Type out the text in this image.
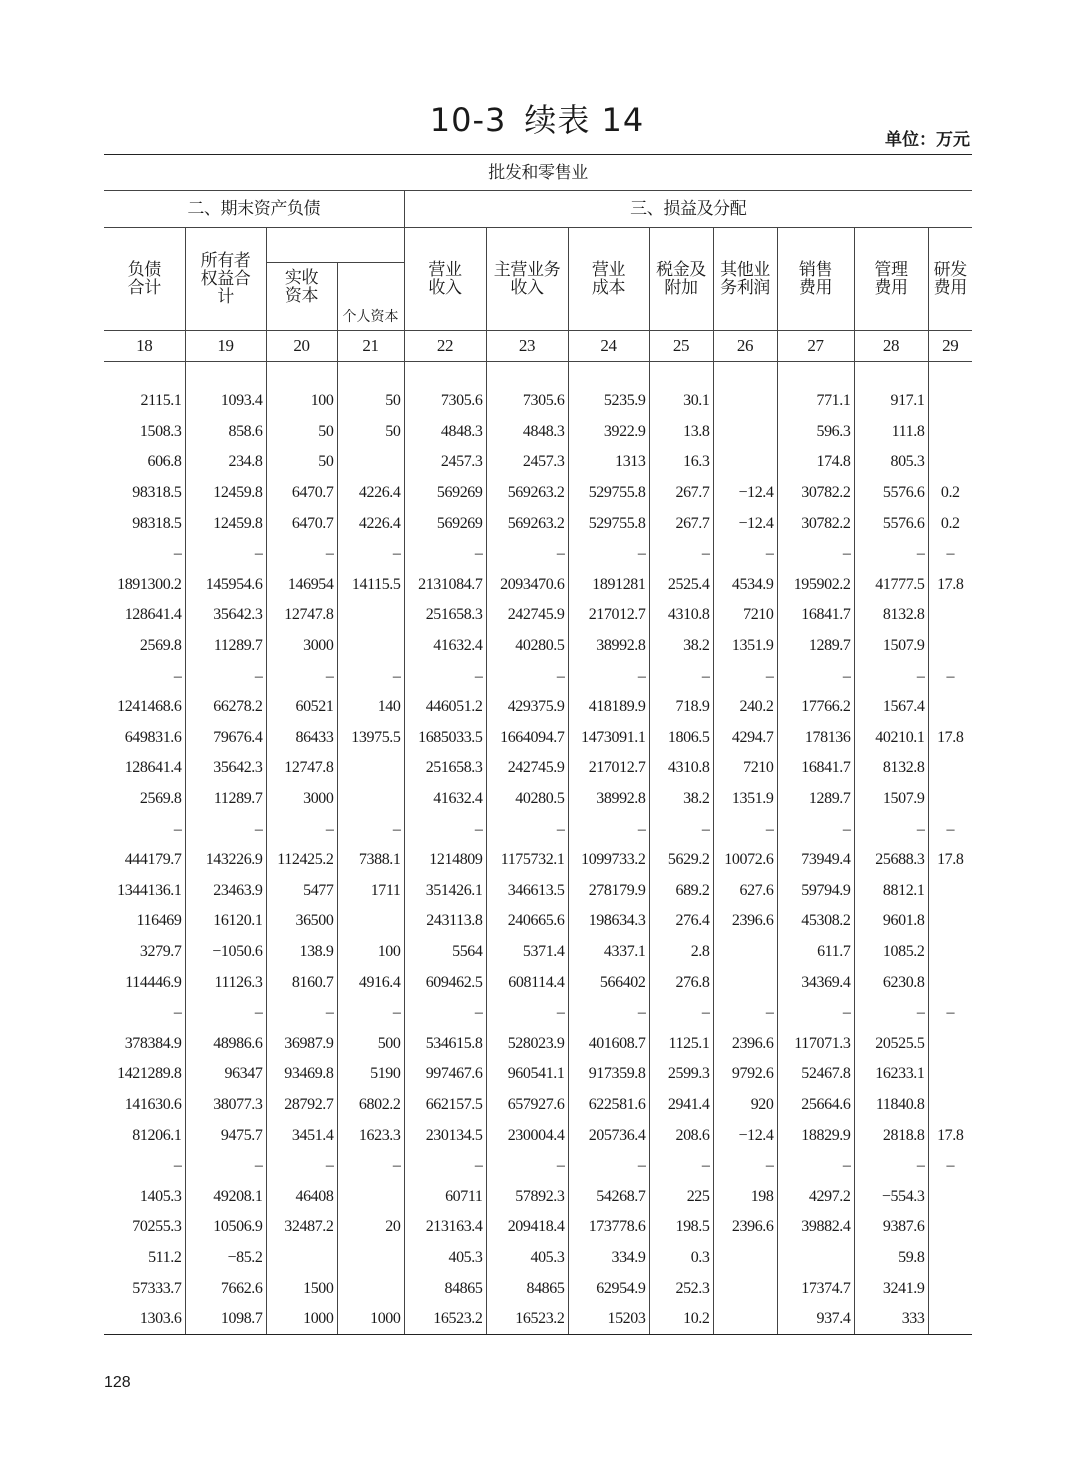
10-3 续表 14
单位：万元
批发和零售业											
二、期末资产负债				三、损益及分配							

负债合计	所有者权益合计			营业收入	主营业务收入	营业成本	税金及附加	其他业务利润	销售费用	管理费用	研发费用

		实收资本	个人资本								
18	19	20	21	22	23	24	25	26	27	28	29

2115.1	1093.4	100	50	7305.6	7305.6	5235.9	30.1		771.1	917.1	
1508.3	858.6	50	50	4848.3	4848.3	3922.9	13.8		596.3	111.8	
606.8	234.8	50		2457.3	2457.3	1313	16.3		174.8	805.3	
98318.5	12459.8	6470.7	4226.4	569269	569263.2	529755.8	267.7	−12.4	30782.2	5576.6	0.2
98318.5	12459.8	6470.7	4226.4	569269	569263.2	529755.8	267.7	−12.4	30782.2	5576.6	0.2
–	–	–	–	–	–	–	–	–	–	–	–
1891300.2	145954.6	146954	14115.5	2131084.7	2093470.6	1891281	2525.4	4534.9	195902.2	41777.5	17.8
128641.4	35642.3	12747.8		251658.3	242745.9	217012.7	4310.8	7210	16841.7	8132.8	
2569.8	11289.7	3000		41632.4	40280.5	38992.8	38.2	1351.9	1289.7	1507.9	
–	–	–	–	–	–	–	–	–	–	–	–
1241468.6	66278.2	60521	140	446051.2	429375.9	418189.9	718.9	240.2	17766.2	1567.4	
649831.6	79676.4	86433	13975.5	1685033.5	1664094.7	1473091.1	1806.5	4294.7	178136	40210.1	17.8
128641.4	35642.3	12747.8		251658.3	242745.9	217012.7	4310.8	7210	16841.7	8132.8	
2569.8	11289.7	3000		41632.4	40280.5	38992.8	38.2	1351.9	1289.7	1507.9	
–	–	–	–	–	–	–	–	–	–	–	–
444179.7	143226.9	112425.2	7388.1	1214809	1175732.1	1099733.2	5629.2	10072.6	73949.4	25688.3	17.8
1344136.1	23463.9	5477	1711	351426.1	346613.5	278179.9	689.2	627.6	59794.9	8812.1	
116469	16120.1	36500		243113.8	240665.6	198634.3	276.4	2396.6	45308.2	9601.8	
3279.7	−1050.6	138.9	100	5564	5371.4	4337.1	2.8		611.7	1085.2	
114446.9	11126.3	8160.7	4916.4	609462.5	608114.4	566402	276.8		34369.4	6230.8	
–	–	–	–	–	–	–	–	–	–	–	–
378384.9	48986.6	36987.9	500	534615.8	528023.9	401608.7	1125.1	2396.6	117071.3	20525.5	
1421289.8	96347	93469.8	5190	997467.6	960541.1	917359.8	2599.3	9792.6	52467.8	16233.1	
141630.6	38077.3	28792.7	6802.2	662157.5	657927.6	622581.6	2941.4	920	25664.6	11840.8	
81206.1	9475.7	3451.4	1623.3	230134.5	230004.4	205736.4	208.6	−12.4	18829.9	2818.8	17.8
–	–	–	–	–	–	–	–	–	–	–	–
1405.3	49208.1	46408		60711	57892.3	54268.7	225	198	4297.2	−554.3	
70255.3	10506.9	32487.2	20	213163.4	209418.4	173778.6	198.5	2396.6	39882.4	9387.6	
511.2	−85.2			405.3	405.3	334.9	0.3			59.8	
57333.7	7662.6	1500		84865	84865	62954.9	252.3		17374.7	3241.9	
1303.6	1098.7	1000	1000	16523.2	16523.2	15203	10.2		937.4	333	
128
